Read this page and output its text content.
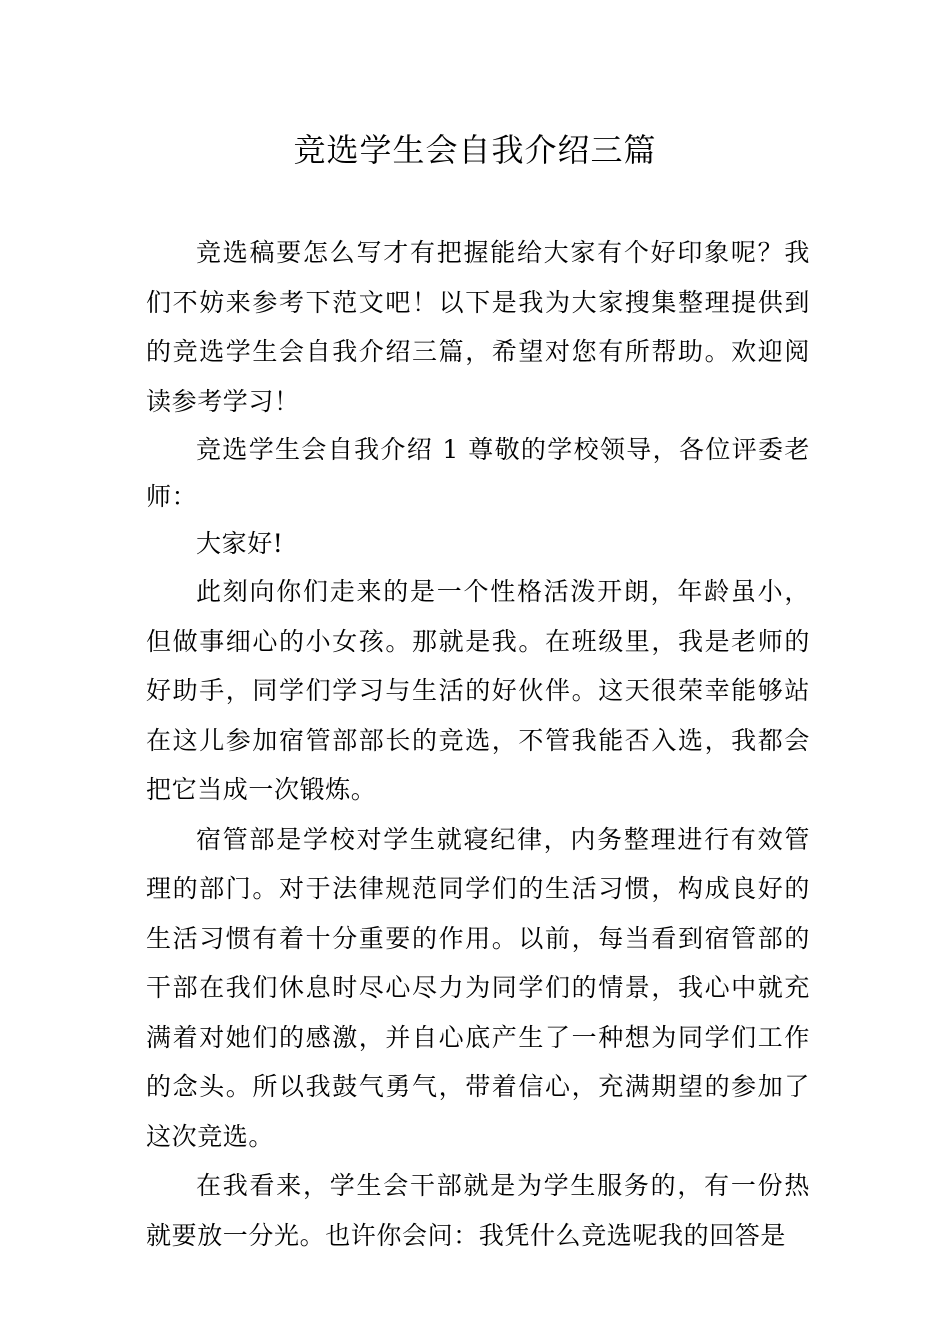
竞选学生会自我介绍三篇

竞选稿要怎么写才有把握能给大家有个好印象呢？我们不妨来参考下范文吧！以下是我为大家搜集整理提供到的竞选学生会自我介绍三篇，希望对您有所帮助。欢迎阅读参考学习！

竞选学生会自我介绍 1 尊敬的学校领导，各位评委老师：

大家好!

此刻向你们走来的是一个性格活泼开朗，年龄虽小，但做事细心的小女孩。那就是我。在班级里，我是老师的好助手，同学们学习与生活的好伙伴。这天很荣幸能够站在这儿参加宿管部部长的竞选，不管我能否入选，我都会把它当成一次锻炼。

宿管部是学校对学生就寝纪律，内务整理进行有效管理的部门。对于法律规范同学们的生活习惯，构成良好的生活习惯有着十分重要的作用。以前，每当看到宿管部的干部在我们休息时尽心尽力为同学们的情景，我心中就充满着对她们的感激，并自心底产生了一种想为同学们工作的念头。所以我鼓气勇气，带着信心，充满期望的参加了这次竞选。

在我看来，学生会干部就是为学生服务的，有一份热就要放一分光。也许你会问：我凭什么竞选呢我的回答是
